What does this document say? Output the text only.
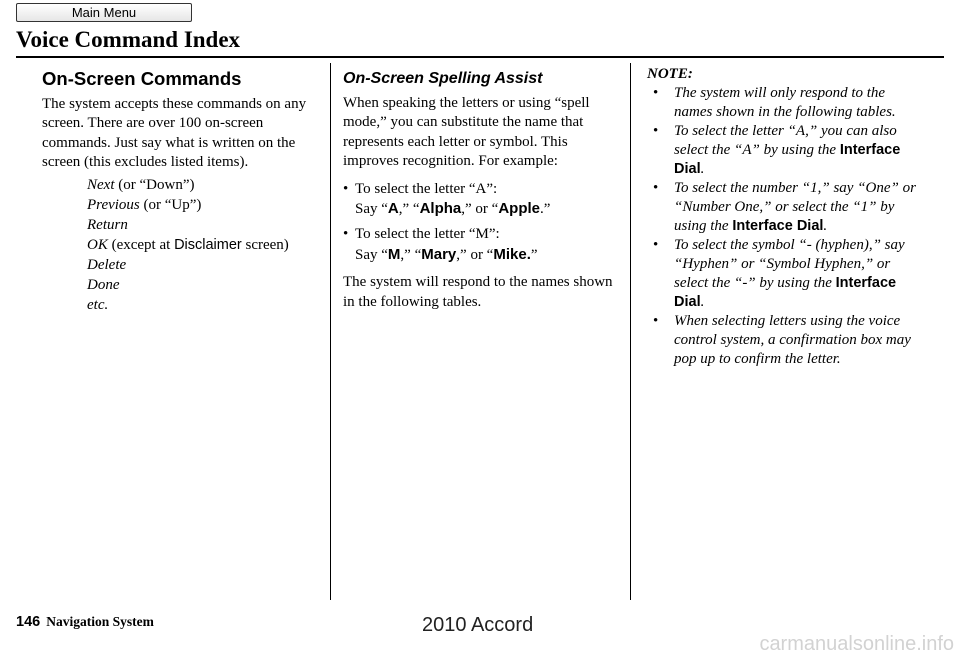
Main Menu
Voice Command Index
On-Screen Commands

The system accepts these commands on any screen. There are over 100 on-screen commands. Just say what is written on the screen (this excludes listed items).

Next (or “Down”)
Previous (or “Up”)
Return
OK (except at Disclaimer screen)
Delete
Done
etc.
On-Screen Spelling Assist

When speaking the letters or using “spell mode,” you can substitute the name that represents each letter or symbol. This improves recognition. For example:

• To select the letter “A”:
Say “A,” “Alpha,” or “Apple.”
• To select the letter “M”:
Say “M,” “Mary,” or “Mike.”

The system will respond to the names shown in the following tables.

NOTE:

• The system will only respond to the names shown in the following tables.
• To select the letter “A,” you can also select the “A” by using the Interface Dial.
• To select the number “1,” say “One” or “Number One,” or select the “1” by using the Interface Dial.
• To select the symbol “- (hyphen),” say “Hyphen” or “Symbol Hyphen,” or select the “-” by using the Interface Dial.
• When selecting letters using the voice control system, a confirmation box may pop up to confirm the letter.
146 Navigation System	2010 Accord
carmanualsonline.info
